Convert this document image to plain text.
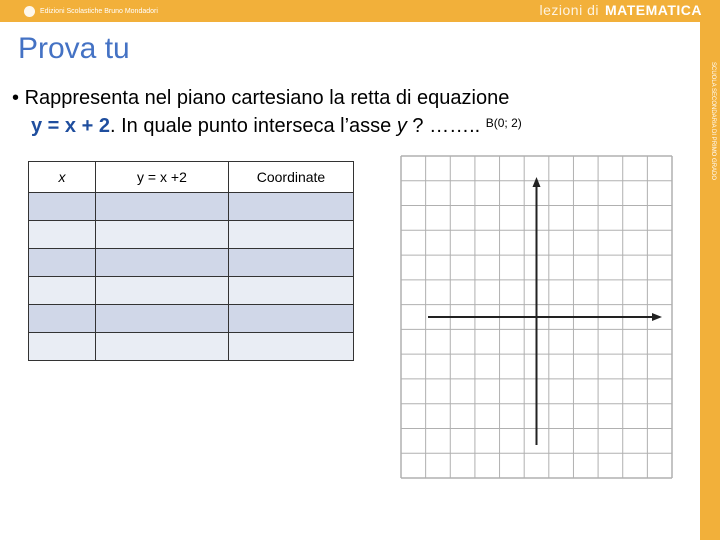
Edizioni Scolastiche Bruno Mondadori	lezioni di MATEMATICA
SCUOLA SECONDARIA DI PRIMO GRADO
Prova tu
• Rappresenta nel piano cartesiano la retta di equazione
y = x + 2. In quale punto interseca l’asse y ? …….. $^{B(0; 2)}$
x	y = x +2	Coordinate
